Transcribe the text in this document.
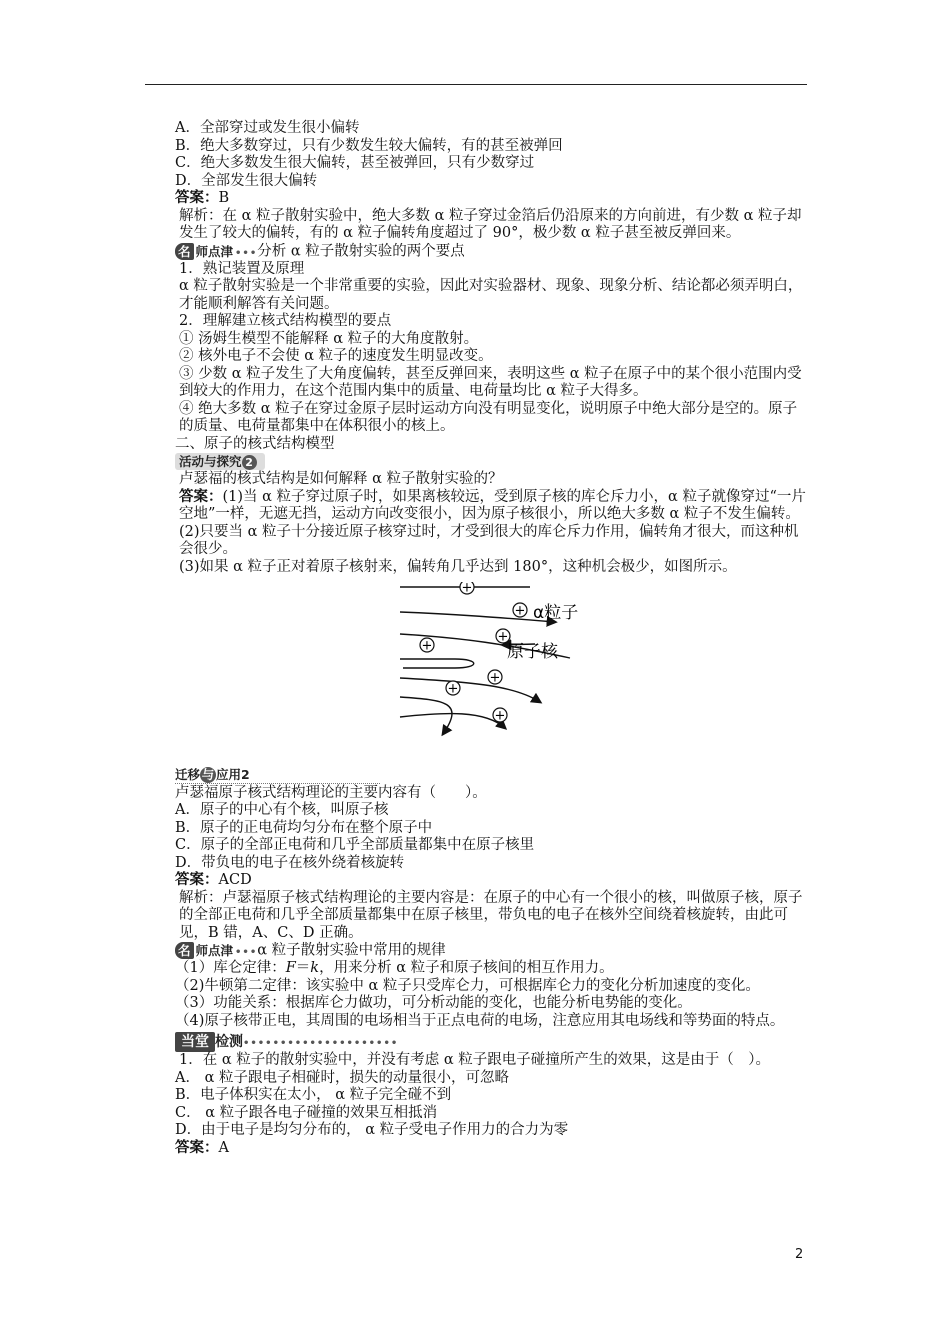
A．全部穿过或发生很小偏转
B．绝大多数穿过，只有少数发生较大偏转，有的甚至被弹回
C．绝大多数发生很大偏转，甚至被弹回，只有少数穿过
D．全部发生很大偏转
答案：B
解析：在 α 粒子散射实验中，绝大多数 α 粒子穿过金箔后仍沿原来的方向前进，有少数 α 粒子却发生了较大的偏转，有的 α 粒子偏转角度超过了 90°，极少数 α 粒子甚至被反弹回来。
名 师点津 •••分析 α 粒子散射实验的两个要点
1．熟记装置及原理
α 粒子散射实验是一个非常重要的实验，因此对实验器材、现象、现象分析、结论都必须弄明白，才能顺利解答有关问题。
2．理解建立核式结构模型的要点
① 汤姆生模型不能解释 α 粒子的大角度散射。
② 核外电子不会使 α 粒子的速度发生明显改变。
③ 少数 α 粒子发生了大角度偏转，甚至反弹回来，表明这些 α 粒子在原子中的某个很小范围内受到较大的作用力，在这个范围内集中的质量、电荷量均比 α 粒子大得多。
④ 绝大多数 α 粒子在穿过金原子层时运动方向没有明显变化，说明原子中绝大部分是空的。原子的质量、电荷量都集中在体积很小的核上。
二、原子的核式结构模型
活动与探究 2
卢瑟福的核式结构是如何解释 α 粒子散射实验的？
答案：(1)当 α 粒子穿过原子时，如果离核较远，受到原子核的库仑斥力小，α 粒子就像穿过“一片空地”一样，无遮无挡，运动方向改变很小，因为原子核很小，所以绝大多数 α 粒子不发生偏转。
(2)只要当 α 粒子十分接近原子核穿过时，才受到很大的库仑斥力作用，偏转角才很大，而这种机会很少。
(3)如果 α 粒子正对着原子核射来，偏转角几乎达到 180°，这种机会极少，如图所示。
+
+
+
+
+
+
+
α粒子
原子核
迁移 与 应用2
卢瑟福原子核式结构理论的主要内容有（　　）。
A．原子的中心有个核，叫原子核
B．原子的正电荷均匀分布在整个原子中
C．原子的全部正电荷和几乎全部质量都集中在原子核里
D．带负电的电子在核外绕着核旋转
答案：ACD
解析：卢瑟福原子核式结构理论的主要内容是：在原子的中心有一个很小的核，叫做原子核，原子的全部正电荷和几乎全部质量都集中在原子核里，带负电的电子在核外空间绕着核旋转，由此可见，B 错，A、C、D 正确。
名 师点津 •••α 粒子散射实验中常用的规律
（1）库仑定律：F＝k，用来分析 α 粒子和原子核间的相互作用力。
（2)牛顿第二定律：该实验中 α 粒子只受库仑力，可根据库仑力的变化分析加速度的变化。
（3）功能关系：根据库仑力做功，可分析动能的变化，也能分析电势能的变化。
（4)原子核带正电，其周围的电场相当于正点电荷的电场，注意应用其电场线和等势面的特点。
当堂 检测•••••••••••••••••••••
1．在 α 粒子的散射实验中，并没有考虑 α 粒子跟电子碰撞所产生的效果，这是由于（　）。
A． α 粒子跟电子相碰时，损失的动量很小，可忽略
B．电子体积实在太小， α 粒子完全碰不到
C． α 粒子跟各电子碰撞的效果互相抵消
D．由于电子是均匀分布的， α 粒子受电子作用力的合力为零
答案：A
2
